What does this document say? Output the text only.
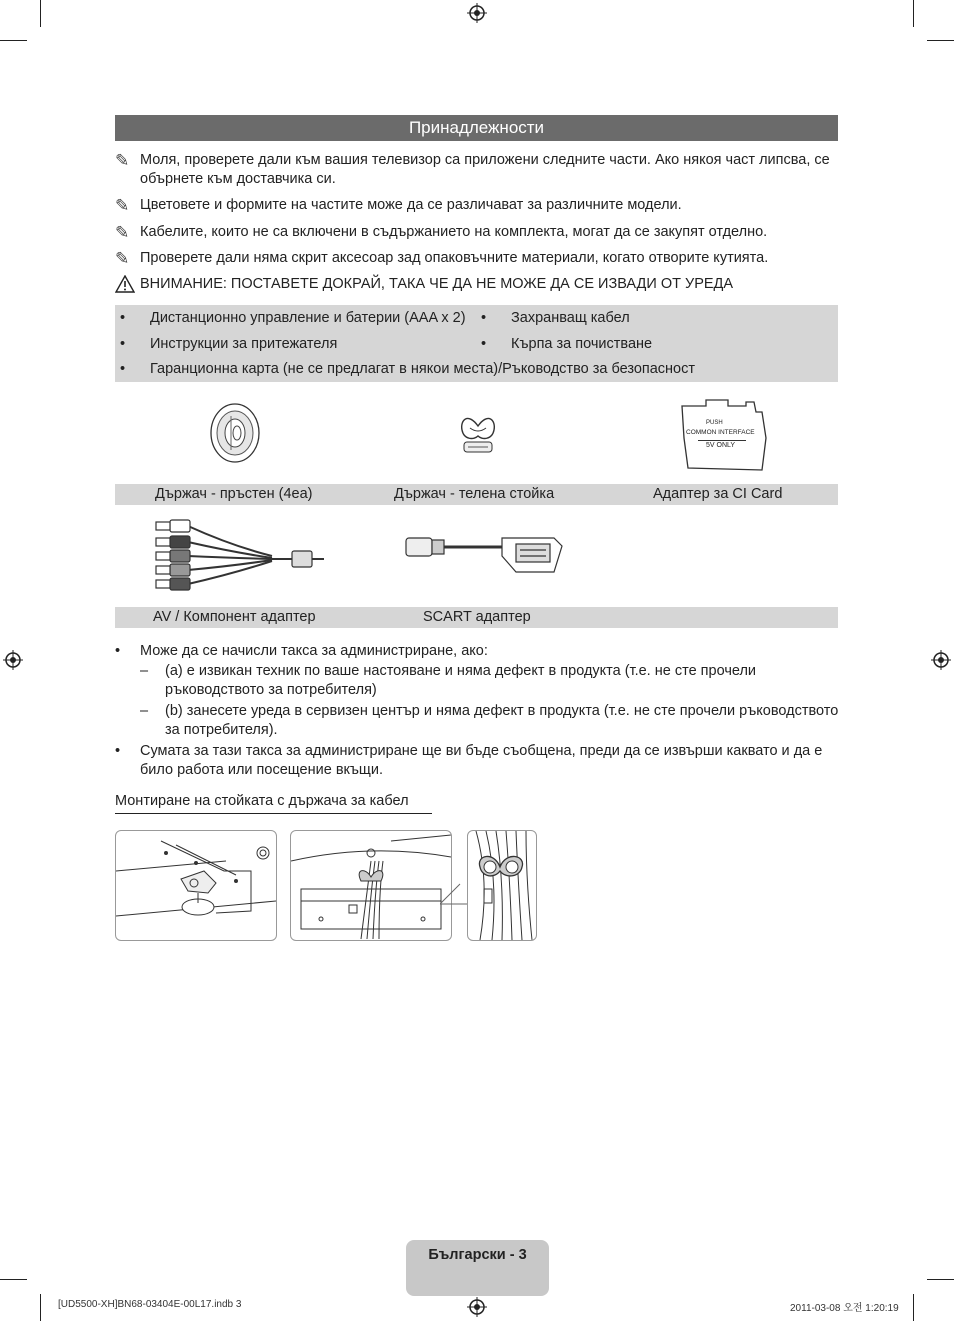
Принадлежности
✎ Моля, проверете дали към вашия телевизор са приложени следните части. Ако някоя част липсва, се обърнете към доставчика си.
✎ Цветовете и формите на частите може да се различават за различните модели.
✎ Кабелите, които не са включени в съдържанието на комплекта, могат да се закупят отделно.
✎ Проверете дали няма скрит аксесоар зад опаковъчните материали, когато отворите кутията.
ВНИМАНИЕ: ПОСТАВЕТЕ ДОКРАЙ, ТАКА ЧЕ ДА НЕ МОЖЕ ДА СЕ ИЗВАДИ ОТ УРЕДА
• Дистанционно управление и батерии (AAA x 2) • Захранващ кабел
• Инструкции за притежателя	• Кърпа за почистване
• Гаранционна карта (не се предлагат в някои места)/Ръководство за безопасност
PUSH
COMMON INTERFACE
5V ONLY
Държач - пръстен (4ea)	Държач - телена стойка	Адаптер за CI Card
AV / Компонент адаптер	SCART адаптер
• Може да се начисли такса за администриране, ако:
– (a) е извикан техник по ваше настояване и няма дефект в продукта (т.е. не сте прочели ръководството за потребителя)
– (b) занесете уреда в сервизен център и няма дефект в продукта (т.е. не сте прочели ръководството за потребителя).
• Сумата за тази такса за администриране ще ви бъде съобщена, преди да се извърши каквато и да е било работа или посещение вкъщи.
Монтиране на стойката с държача за кабел
Български - 3
[UD5500-XH]BN68-03404E-00L17.indb 3	2011-03-08 오전 1:20:19
